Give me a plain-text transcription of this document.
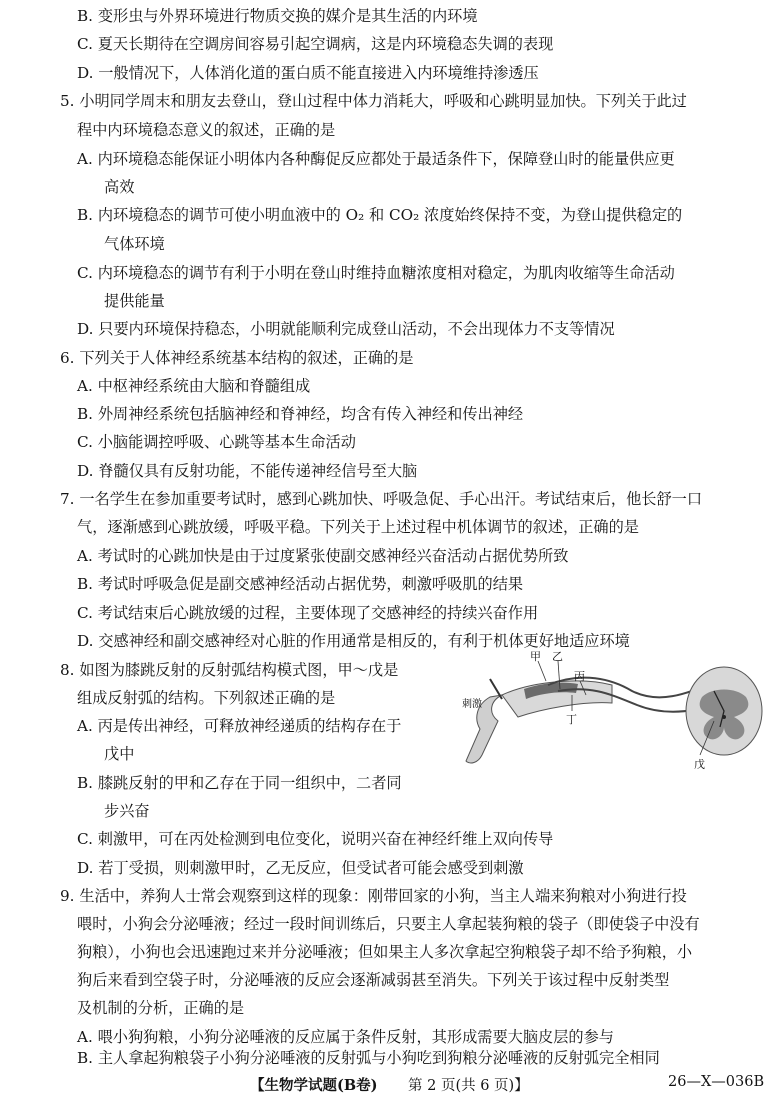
B. 变形虫与外界环境进行物质交换的媒介是其生活的内环境
C. 夏天长期待在空调房间容易引起空调病，这是内环境稳态失调的表现
D. 一般情况下，人体消化道的蛋白质不能直接进入内环境维持渗透压
5. 小明同学周末和朋友去登山，登山过程中体力消耗大，呼吸和心跳明显加快。下列关于此过
程中内环境稳态意义的叙述，正确的是
A. 内环境稳态能保证小明体内各种酶促反应都处于最适条件下，保障登山时的能量供应更
高效
B. 内环境稳态的调节可使小明血液中的 O₂ 和 CO₂ 浓度始终保持不变，为登山提供稳定的
气体环境
C. 内环境稳态的调节有利于小明在登山时维持血糖浓度相对稳定，为肌肉收缩等生命活动
提供能量
D. 只要内环境保持稳态，小明就能顺利完成登山活动，不会出现体力不支等情况
6. 下列关于人体神经系统基本结构的叙述，正确的是
A. 中枢神经系统由大脑和脊髓组成
B. 外周神经系统包括脑神经和脊神经，均含有传入神经和传出神经
C. 小脑能调控呼吸、心跳等基本生命活动
D. 脊髓仅具有反射功能，不能传递神经信号至大脑
7. 一名学生在参加重要考试时，感到心跳加快、呼吸急促、手心出汗。考试结束后，他长舒一口
气，逐渐感到心跳放缓，呼吸平稳。下列关于上述过程中机体调节的叙述，正确的是
A. 考试时的心跳加快是由于过度紧张使副交感神经兴奋活动占据优势所致
B. 考试时呼吸急促是副交感神经活动占据优势，刺激呼吸肌的结果
C. 考试结束后心跳放缓的过程，主要体现了交感神经的持续兴奋作用
D. 交感神经和副交感神经对心脏的作用通常是相反的，有利于机体更好地适应环境
8. 如图为膝跳反射的反射弧结构模式图，甲～戊是
组成反射弧的结构。下列叙述正确的是
A. 丙是传出神经，可释放神经递质的结构存在于
戊中
B. 膝跳反射的甲和乙存在于同一组织中，二者同
步兴奋
C. 刺激甲，可在丙处检测到电位变化，说明兴奋在神经纤维上双向传导
D. 若丁受损，则刺激甲时，乙无反应，但受试者可能会感受到刺激
甲 乙
丙
丁
戊
刺激
9. 生活中，养狗人士常会观察到这样的现象：刚带回家的小狗，当主人端来狗粮对小狗进行投
喂时，小狗会分泌唾液；经过一段时间训练后，只要主人拿起装狗粮的袋子（即使袋子中没有
狗粮），小狗也会迅速跑过来并分泌唾液；但如果主人多次拿起空狗粮袋子却不给予狗粮，小
狗后来看到空袋子时，分泌唾液的反应会逐渐减弱甚至消失。下列关于该过程中反射类型
及机制的分析，正确的是
A. 喂小狗狗粮，小狗分泌唾液的反应属于条件反射，其形成需要大脑皮层的参与
B. 主人拿起狗粮袋子小狗分泌唾液的反射弧与小狗吃到狗粮分泌唾液的反射弧完全相同
【生物学试题(B卷) 第 2 页(共 6 页)】	26—X—036B
